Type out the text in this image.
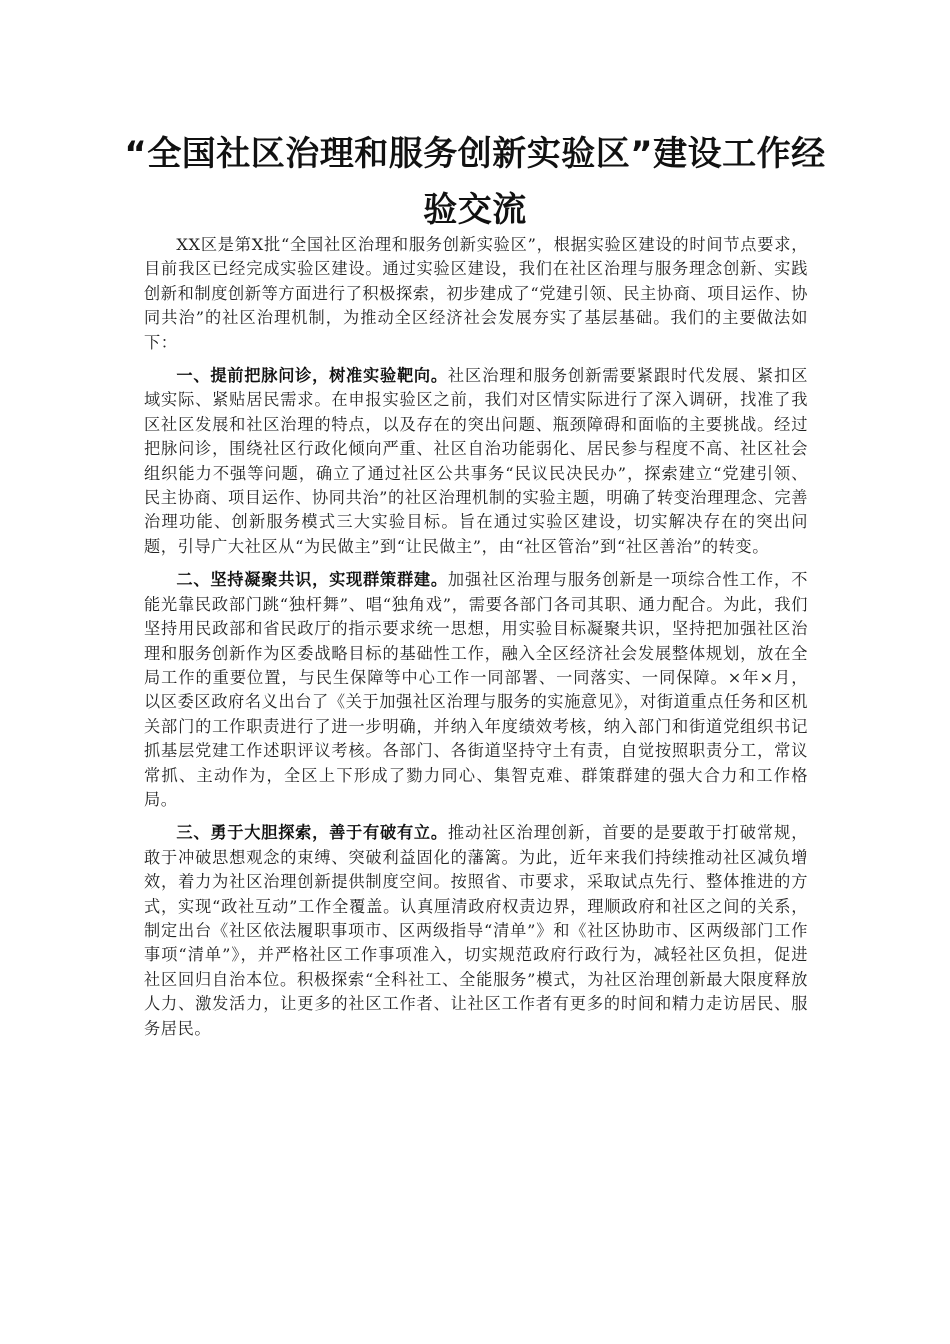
“全国社区治理和服务创新实验区”建设工作经验交流

XX区是第X批“全国社区治理和服务创新实验区”，根据实验区建设的时间节点要求，目前我区已经完成实验区建设。通过实验区建设，我们在社区治理与服务理念创新、实践创新和制度创新等方面进行了积极探索，初步建成了“党建引领、民主协商、项目运作、协同共治”的社区治理机制，为推动全区经济社会发展夯实了基层基础。我们的主要做法如下：

一、提前把脉问诊，树准实验靶向。社区治理和服务创新需要紧跟时代发展、紧扣区域实际、紧贴居民需求。在申报实验区之前，我们对区情实际进行了深入调研，找准了我区社区发展和社区治理的特点，以及存在的突出问题、瓶颈障碍和面临的主要挑战。经过把脉问诊，围绕社区行政化倾向严重、社区自治功能弱化、居民参与程度不高、社区社会组织能力不强等问题，确立了通过社区公共事务“民议民决民办”，探索建立“党建引领、民主协商、项目运作、协同共治”的社区治理机制的实验主题，明确了转变治理理念、完善治理功能、创新服务模式三大实验目标。旨在通过实验区建设，切实解决存在的突出问题，引导广大社区从“为民做主”到“让民做主”，由“社区管治”到“社区善治”的转变。

二、坚持凝聚共识，实现群策群建。加强社区治理与服务创新是一项综合性工作，不能光靠民政部门跳“独杆舞”、唱“独角戏”，需要各部门各司其职、通力配合。为此，我们坚持用民政部和省民政厅的指示要求统一思想，用实验目标凝聚共识，坚持把加强社区治理和服务创新作为区委战略目标的基础性工作，融入全区经济社会发展整体规划，放在全局工作的重要位置，与民生保障等中心工作一同部署、一同落实、一同保障。×年×月，以区委区政府名义出台了《关于加强社区治理与服务的实施意见》，对街道重点任务和区机关部门的工作职责进行了进一步明确，并纳入年度绩效考核，纳入部门和街道党组织书记抓基层党建工作述职评议考核。各部门、各街道坚持守土有责，自觉按照职责分工，常议常抓、主动作为，全区上下形成了勠力同心、集智克难、群策群建的强大合力和工作格局。

三、勇于大胆探索，善于有破有立。推动社区治理创新，首要的是要敢于打破常规，敢于冲破思想观念的束缚、突破利益固化的藩篱。为此，近年来我们持续推动社区减负增效，着力为社区治理创新提供制度空间。按照省、市要求，采取试点先行、整体推进的方式，实现“政社互动”工作全覆盖。认真厘清政府权责边界，理顺政府和社区之间的关系，制定出台《社区依法履职事项市、区两级指导“清单”》和《社区协助市、区两级部门工作事项“清单”》，并严格社区工作事项准入，切实规范政府行政行为，减轻社区负担，促进社区回归自治本位。积极探索“全科社工、全能服务”模式，为社区治理创新最大限度释放人力、激发活力，让更多的社区工作者、让社区工作者有更多的时间和精力走访居民、服务居民。
